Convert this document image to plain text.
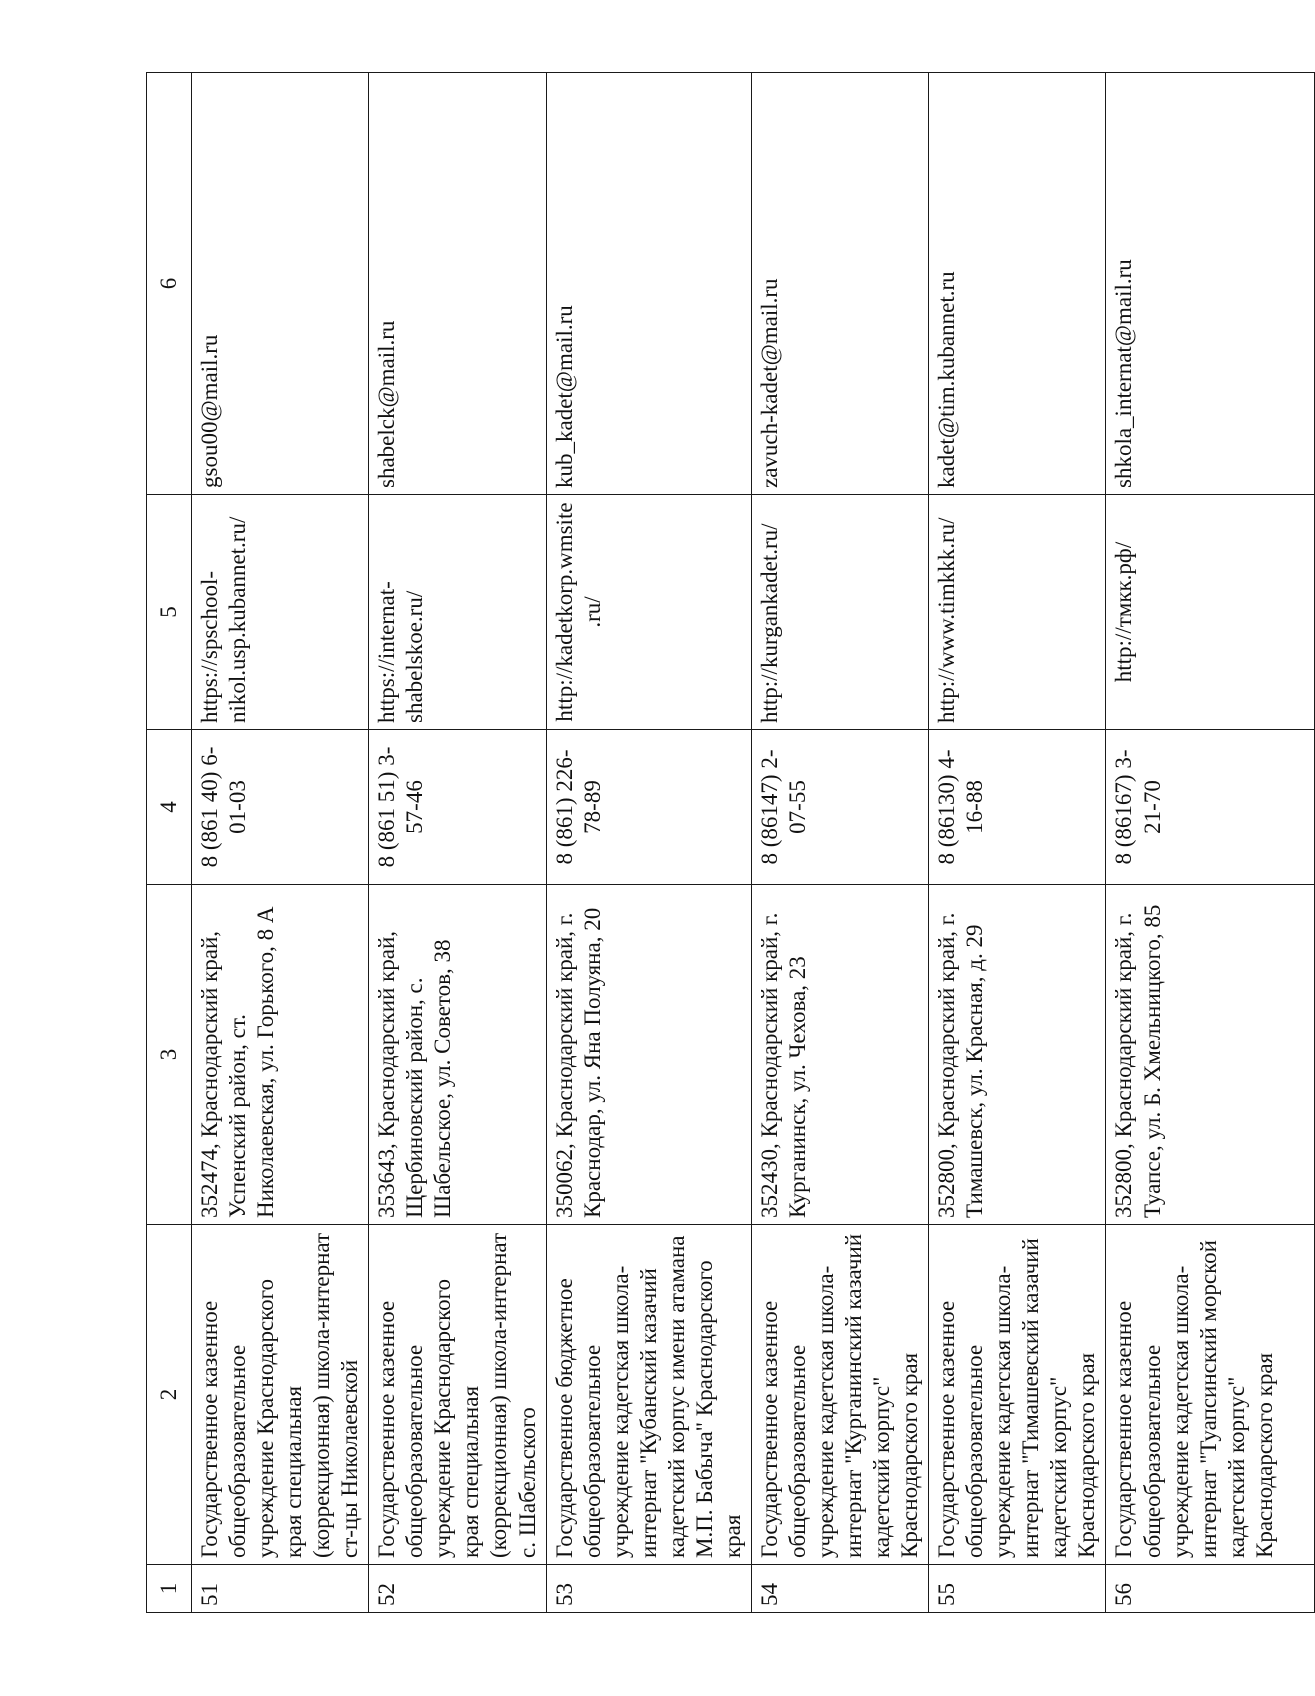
1	2	3	4	5	6
51	Государственное казенное общеобразовательное учреждение Краснодарского края специальная (коррекционная) школа-интернат ст-цы Николаевской	352474, Краснодарский край, Успенский район, ст. Николаевская, ул. Горького, 8 А	8 (861 40) 6-01-03	https://spschool-nikol.usp.kubannet.ru/	gsou00@mail.ru
52	Государственное казенное общеобразовательное учреждение Краснодарского края специальная (коррекционная) школа-интернат с. Шабельского	353643, Краснодарский край, Щербиновский район, с. Шабельское, ул. Советов, 38	8 (861 51) 3-57-46	https://internat-shabelskoe.ru/	shabelck@mail.ru
53	Государственное бюджетное общеобразовательное учреждение кадетская школа-интернат "Кубанский казачий кадетский корпус имени атамана М.П. Бабыча" Краснодарского края	350062, Краснодарский край, г. Краснодар, ул. Яна Полуяна, 20	8 (861) 226-78-89	http://kadetkorp.wmsite.ru/	kub_kadet@mail.ru
54	Государственное казенное общеобразовательное учреждение кадетская школа-интернат "Курганинский казачий кадетский корпус" Краснодарского края	352430, Краснодарский край, г. Курганинск, ул. Чехова, 23	8 (86147) 2-07-55	http://kurgankadet.ru/	zavuch-kadet@mail.ru
55	Государственное казенное общеобразовательное учреждение кадетская школа-интернат "Тимашевский казачий кадетский корпус" Краснодарского края	352800, Краснодарский край, г. Тимашевск, ул. Красная, д. 29	8 (86130) 4-16-88	http://www.timkkk.ru/	kadet@tim.kubannet.ru
56	Государственное казенное общеобразовательное учреждение кадетская школа-интернат "Туапсинский морской кадетский корпус" Краснодарского края	352800, Краснодарский край, г. Туапсе, ул. Б. Хмельницкого, 85	8 (86167) 3-21-70	http://тмкк.рф/	shkola_internat@mail.ru
